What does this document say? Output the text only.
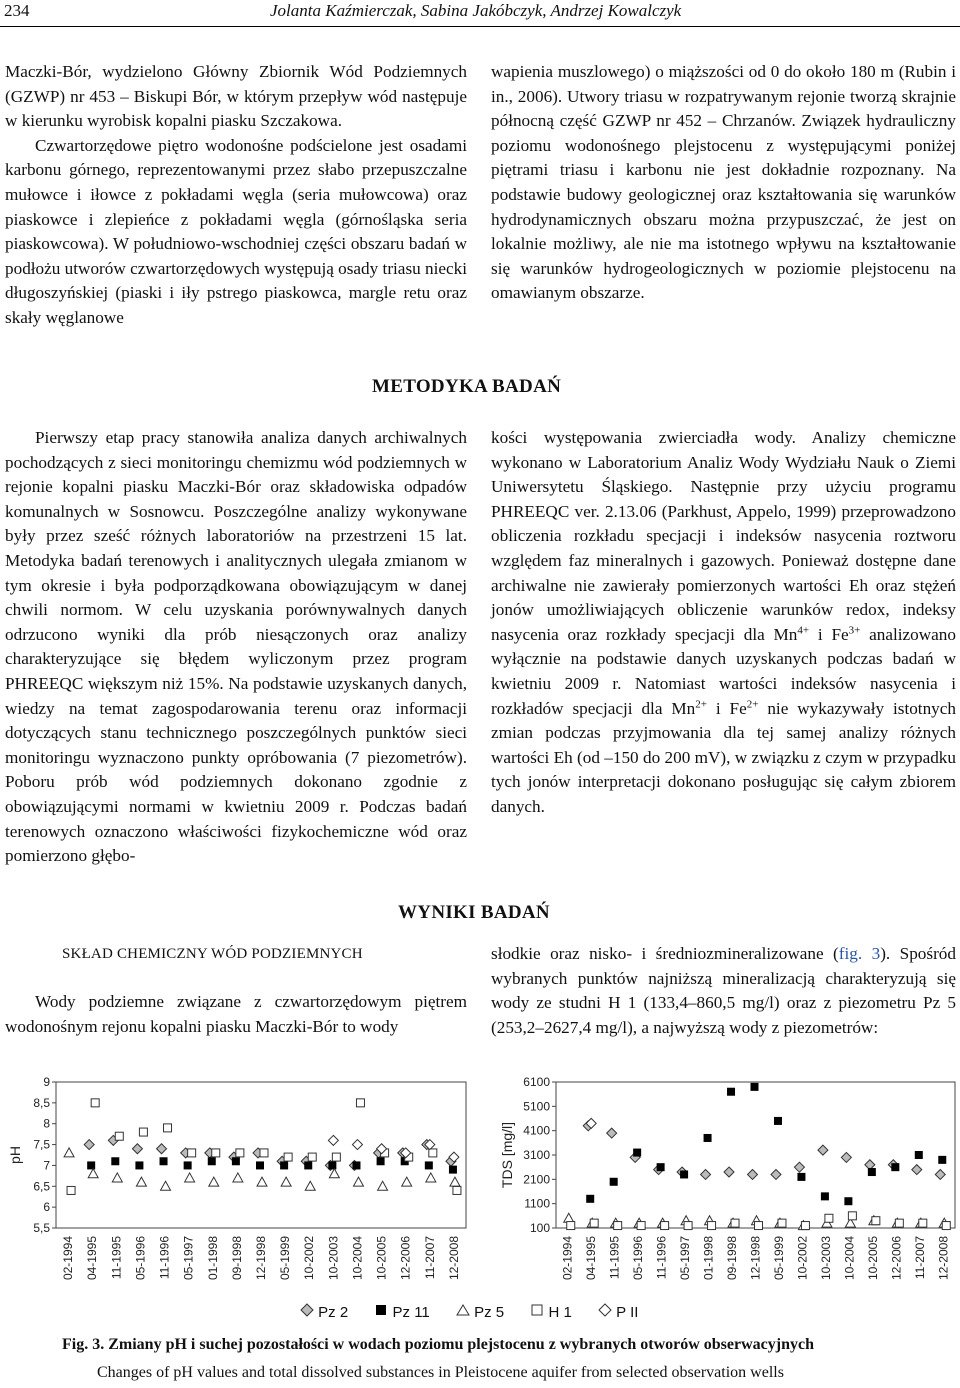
234	Jolanta Kaźmierczak, Sabina Jakóbczyk, Andrzej Kowalczyk

Maczki-Bór, wydzielono Główny Zbiornik Wód Podziemnych (GZWP) nr 453 – Biskupi Bór, w którym przepływ wód następuje w kierunku wyrobisk kopalni piasku Szczakowa.

Czwartorzędowe piętro wodonośne podścielone jest osadami karbonu górnego, reprezentowanymi przez słabo przepuszczalne mułowce i iłowce z pokładami węgla (seria mułowcowa) oraz piaskowce i zlepieńce z pokładami węgla (górnośląska seria piaskowcowa). W południowo-wschodniej części obszaru badań w podłożu utworów czwartorzędowych występują osady triasu niecki długoszyńskiej (piaski i iły pstrego piaskowca, margle retu oraz skały węglanowe

wapienia muszlowego) o miąższości od 0 do około 180 m (Rubin i in., 2006). Utwory triasu w rozpatrywanym rejonie tworzą skrajnie północną część GZWP nr 452 – Chrzanów. Związek hydrauliczny poziomu wodonośnego plejstocenu z występującymi poniżej piętrami triasu i karbonu nie jest dokładnie rozpoznany. Na podstawie budowy geologicznej oraz kształtowania się warunków hydrodynamicznych obszaru można przypuszczać, że jest on lokalnie możliwy, ale nie ma istotnego wpływu na kształtowanie się warunków hydrogeologicznych w poziomie plejstocenu na omawianym obszarze.

METODYKA BADAŃ

Pierwszy etap pracy stanowiła analiza danych archiwalnych pochodzących z sieci monitoringu chemizmu wód podziemnych w rejonie kopalni piasku Maczki-Bór oraz składowiska odpadów komunalnych w Sosnowcu. Poszczególne analizy wykonywane były przez sześć różnych laboratoriów na przestrzeni 15 lat. Metodyka badań terenowych i analitycznych ulegała zmianom w tym okresie i była podporządkowana obowiązującym w danej chwili normom. W celu uzyskania porównywalnych danych odrzucono wyniki dla prób niesączonych oraz analizy charakteryzujące się błędem wyliczonym przez program PHREEQC większym niż 15%. Na podstawie uzyskanych danych, wiedzy na temat zagospodarowania terenu oraz informacji dotyczących stanu technicznego poszczególnych punktów sieci monitoringu wyznaczono punkty opróbowania (7 piezometrów). Poboru prób wód podziemnych dokonano zgodnie z obowiązującymi normami w kwietniu 2009 r. Podczas badań terenowych oznaczono właściwości fizykochemiczne wód oraz pomierzono głębo-

kości występowania zwierciadła wody. Analizy chemiczne wykonano w Laboratorium Analiz Wody Wydziału Nauk o Ziemi Uniwersytetu Śląskiego. Następnie przy użyciu programu PHREEQC ver. 2.13.06 (Parkhust, Appelo, 1999) przeprowadzono obliczenia rozkładu specjacji i indeksów nasycenia roztworu względem faz mineralnych i gazowych. Ponieważ dostępne dane archiwalne nie zawierały pomierzonych wartości Eh oraz stężeń jonów umożliwiających obliczenie warunków redox, indeksy nasycenia oraz rozkłady specjacji dla $Mn^{4+}$ i $Fe^{3+}$ analizowano wyłącznie na podstawie danych uzyskanych podczas badań w kwietniu 2009 r. Natomiast wartości indeksów nasycenia i rozkładów specjacji dla $Mn^{2+}$ i $Fe^{2+}$ nie wykazywały istotnych zmian podczas przyjmowania dla tej samej analizy różnych wartości Eh (od –150 do 200 mV), w związku z czym w przypadku tych jonów interpretacji dokonano posługując się całym zbiorem danych.

WYNIKI BADAŃ
SKŁAD CHEMICZNY WÓD PODZIEMNYCH

Wody podziemne związane z czwartorzędowym piętrem wodonośnym rejonu kopalni piasku Maczki-Bór to wody

słodkie oraz nisko- i średniozmineralizowane (fig. 3). Spośród wybranych punktów najniższą mineralizacją charakteryzują się wody ze studni H 1 (133,4–860,5 mg/l) oraz z piezometru Pz 5 (253,2–2627,4 mg/l), a najwyższą wody z piezometrów:

5,5
6
6,5
7
7,5
8
8,5
9
pH
02-1994 04-1995 11-1995 05-1996 11-1996 05-1997 01-1998 09-1998 12-1998 05-1999 10-2002 10-2003 10-2004 10-2005 12-2006 11-2007 12-2008
100
1100
2100
3100
4100
5100
6100
TDS [mg/l]
02-1994 04-1995 11-1995 05-1996 11-1996 05-1997 01-1998 09-1998 12-1998 05-1999 10-2002 10-2003 10-2004 10-2005 12-2006 11-2007 12-2008
Pz 2	Pz 11	Pz 5	H 1	P II
Fig. 3. Zmiany pH i suchej pozostałości w wodach poziomu plejstocenu z wybranych otworów obserwacyjnych
Changes of pH values and total dissolved substances in Pleistocene aquifer from selected observation wells
